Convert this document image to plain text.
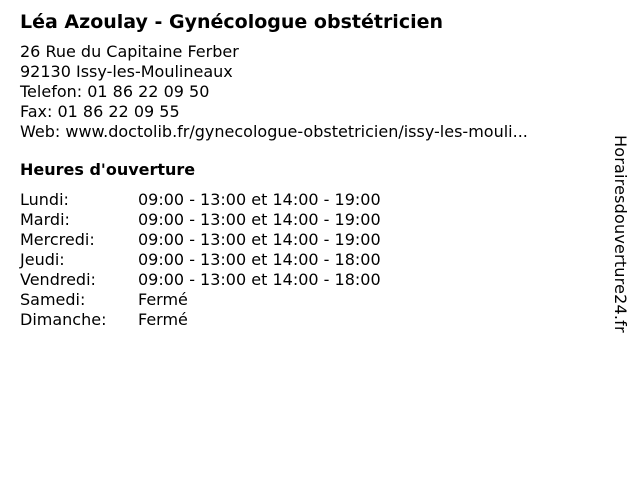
Léa Azoulay - Gynécologue obstétricien
26 Rue du Capitaine Ferber
92130 Issy-les-Moulineaux
Telefon: 01 86 22 09 50
Fax: 01 86 22 09 55
Web: www.doctolib.fr/gynecologue-obstetricien/issy-les-mouli...
Heures d'ouverture
Lundi:	09:00 - 13:00 et 14:00 - 19:00
Mardi:	09:00 - 13:00 et 14:00 - 19:00
Mercredi:	09:00 - 13:00 et 14:00 - 19:00
Jeudi:	09:00 - 13:00 et 14:00 - 18:00
Vendredi:	09:00 - 13:00 et 14:00 - 18:00
Samedi:	Fermé
Dimanche:	Fermé	Horairesdouverture24.fr
